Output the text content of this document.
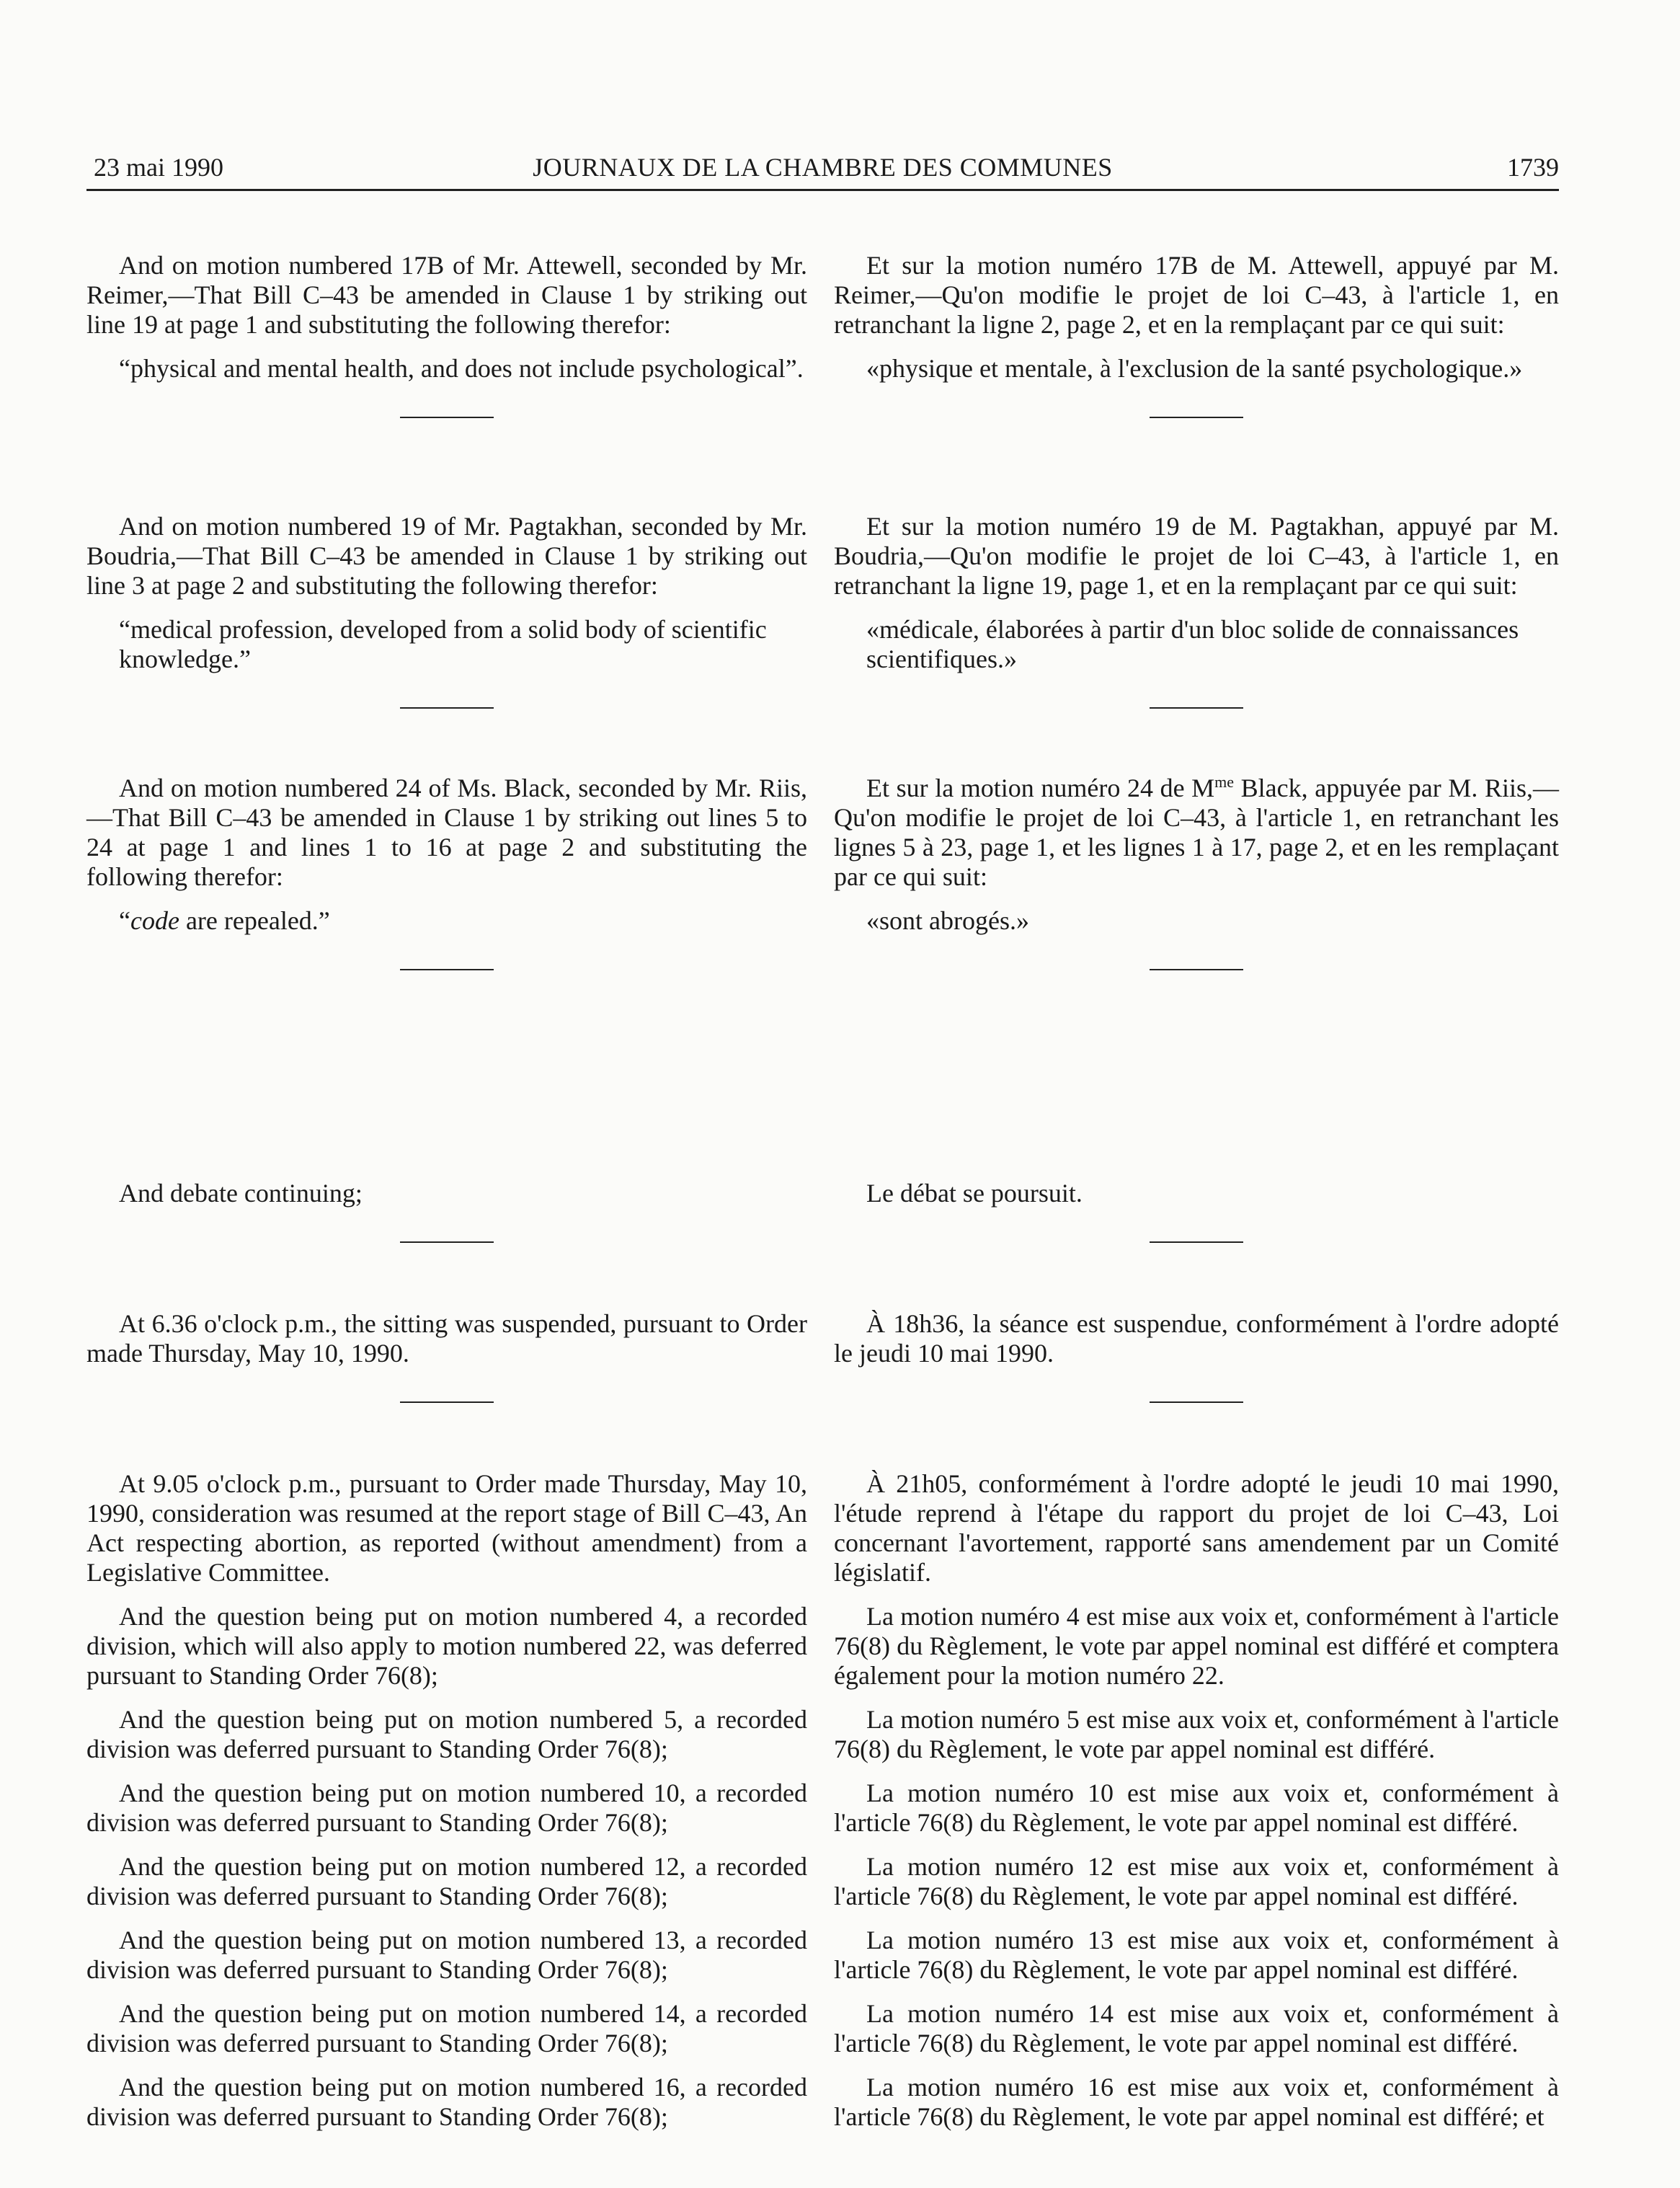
23 mai 1990	JOURNAUX DE LA CHAMBRE DES COMMUNES	1739

And on motion numbered 17B of Mr. Attewell, seconded by Mr. Reimer,—That Bill C–43 be amended in Clause 1 by striking out line 19 at page 1 and substituting the following therefor:

“physical and mental health, and does not include psychological”.

And on motion numbered 19 of Mr. Pagtakhan, seconded by Mr. Boudria,—That Bill C–43 be amended in Clause 1 by striking out line 3 at page 2 and substituting the following therefor:

“medical profession, developed from a solid body of scientific knowledge.”

And on motion numbered 24 of Ms. Black, seconded by Mr. Riis,—That Bill C–43 be amended in Clause 1 by striking out lines 5 to 24 at page 1 and lines 1 to 16 at page 2 and substituting the following therefor:

“code are repealed.”

And debate continuing;

At 6.36 o'clock p.m., the sitting was suspended, pursuant to Order made Thursday, May 10, 1990.

At 9.05 o'clock p.m., pursuant to Order made Thursday, May 10, 1990, consideration was resumed at the report stage of Bill C–43, An Act respecting abortion, as reported (without amendment) from a Legislative Committee.

And the question being put on motion numbered 4, a recorded division, which will also apply to motion numbered 22, was deferred pursuant to Standing Order 76(8);

And the question being put on motion numbered 5, a recorded division was deferred pursuant to Standing Order 76(8);

And the question being put on motion numbered 10, a recorded division was deferred pursuant to Standing Order 76(8);

And the question being put on motion numbered 12, a recorded division was deferred pursuant to Standing Order 76(8);

And the question being put on motion numbered 13, a recorded division was deferred pursuant to Standing Order 76(8);

And the question being put on motion numbered 14, a recorded division was deferred pursuant to Standing Order 76(8);

And the question being put on motion numbered 16, a recorded division was deferred pursuant to Standing Order 76(8);

Et sur la motion numéro 17B de M. Attewell, appuyé par M. Reimer,—Qu'on modifie le projet de loi C–43, à l'article 1, en retranchant la ligne 2, page 2, et en la remplaçant par ce qui suit:

«physique et mentale, à l'exclusion de la santé psychologique.»

Et sur la motion numéro 19 de M. Pagtakhan, appuyé par M. Boudria,—Qu'on modifie le projet de loi C–43, à l'article 1, en retranchant la ligne 19, page 1, et en la remplaçant par ce qui suit:

«médicale, élaborées à partir d'un bloc solide de connaissances scientifiques.»

Et sur la motion numéro 24 de $M^{me}$ Black, appuyée par M. Riis,—Qu'on modifie le projet de loi C–43, à l'article 1, en retranchant les lignes 5 à 23, page 1, et les lignes 1 à 17, page 2, et en les remplaçant par ce qui suit:

«sont abrogés.»

Le débat se poursuit.

À 18h36, la séance est suspendue, conformément à l'ordre adopté le jeudi 10 mai 1990.

À 21h05, conformément à l'ordre adopté le jeudi 10 mai 1990, l'étude reprend à l'étape du rapport du projet de loi C–43, Loi concernant l'avortement, rapporté sans amendement par un Comité législatif.

La motion numéro 4 est mise aux voix et, conformément à l'article 76(8) du Règlement, le vote par appel nominal est différé et comptera également pour la motion numéro 22.

La motion numéro 5 est mise aux voix et, conformément à l'article 76(8) du Règlement, le vote par appel nominal est différé.

La motion numéro 10 est mise aux voix et, conformément à l'article 76(8) du Règlement, le vote par appel nominal est différé.

La motion numéro 12 est mise aux voix et, conformément à l'article 76(8) du Règlement, le vote par appel nominal est différé.

La motion numéro 13 est mise aux voix et, conformément à l'article 76(8) du Règlement, le vote par appel nominal est différé.

La motion numéro 14 est mise aux voix et, conformément à l'article 76(8) du Règlement, le vote par appel nominal est différé.

La motion numéro 16 est mise aux voix et, conformément à l'article 76(8) du Règlement, le vote par appel nominal est différé; et
